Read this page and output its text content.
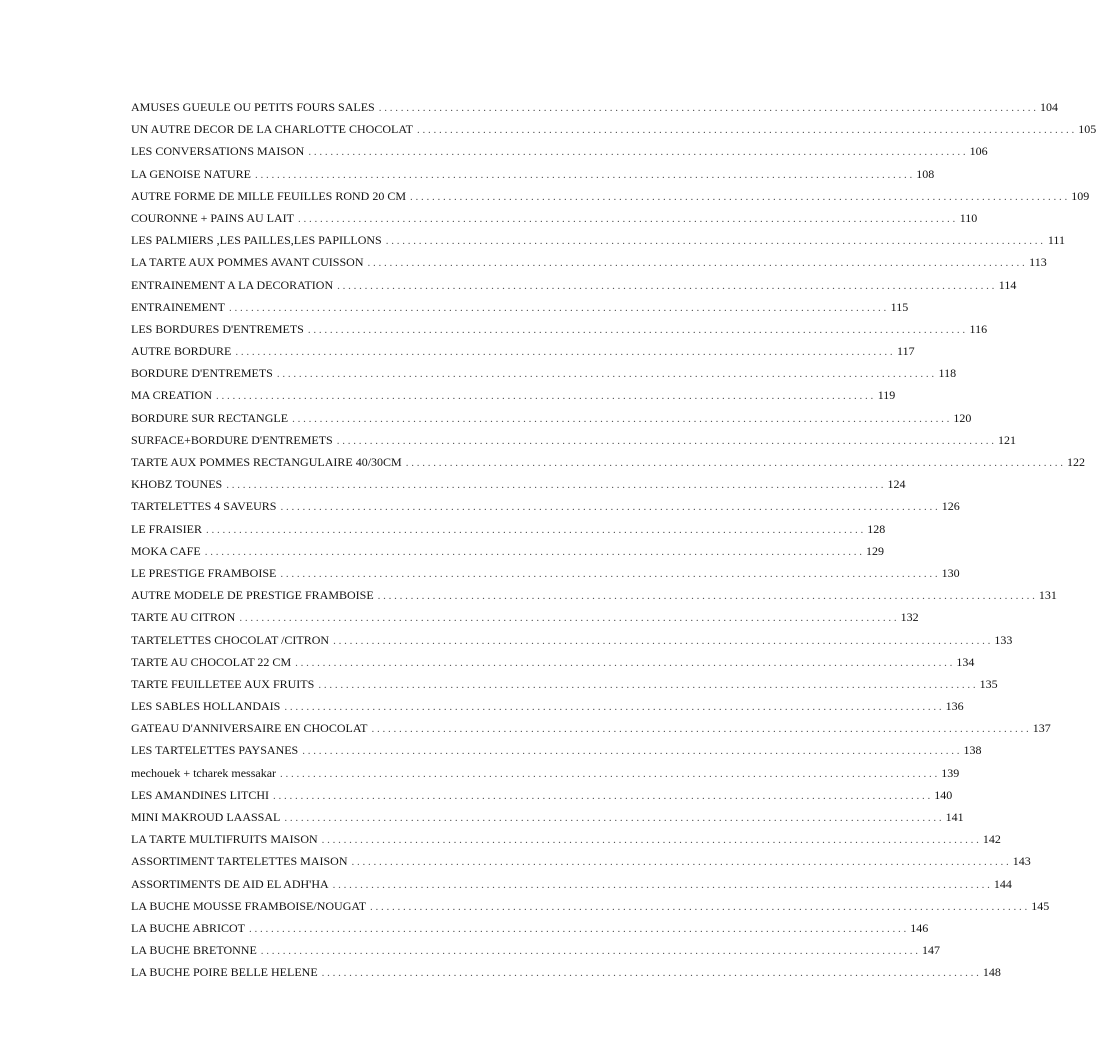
AMUSES GUEULE OU PETITS FOURS SALES . . . . . . . . . . . . . . . . . . . . . . . . . . . . . . . . . . . . . . . . . . . . . . . . . . . . . . . . . . . . . . . . . . . . . . . . . . . . . . . . . . . . . . . . . . . . . . . . . . . . . . . . . . . . . . . . . . . . . . . . 104
UN AUTRE DECOR DE LA CHARLOTTE CHOCOLAT . . . . . . . . . . . . . . . . . . . . . . . . . . . . . . . . . . . . . . . . . . . . . . . . . . . . . . . . . . . . . . . . . . . . . . . . . . . . . . . . . . . . . . . . . . . . . . . . . . . . . . . . . . . . . . . . . . . . . . . . 105
LES CONVERSATIONS MAISON . . . . . . . . . . . . . . . . . . . . . . . . . . . . . . . . . . . . . . . . . . . . . . . . . . . . . . . . . . . . . . . . . . . . . . . . . . . . . . . . . . . . . . . . . . . . . . . . . . . . . . . . . . . . . . . . . . . . . . . . 106
LA GENOISE NATURE . . . . . . . . . . . . . . . . . . . . . . . . . . . . . . . . . . . . . . . . . . . . . . . . . . . . . . . . . . . . . . . . . . . . . . . . . . . . . . . . . . . . . . . . . . . . . . . . . . . . . . . . . . . . . . . . . . . . . . . . 108
AUTRE FORME DE MILLE FEUILLES ROND 20 CM . . . . . . . . . . . . . . . . . . . . . . . . . . . . . . . . . . . . . . . . . . . . . . . . . . . . . . . . . . . . . . . . . . . . . . . . . . . . . . . . . . . . . . . . . . . . . . . . . . . . . . . . . . . . . . . . . . . . . . . . 109
COURONNE + PAINS AU LAIT . . . . . . . . . . . . . . . . . . . . . . . . . . . . . . . . . . . . . . . . . . . . . . . . . . . . . . . . . . . . . . . . . . . . . . . . . . . . . . . . . . . . . . . . . . . . . . . . . . . . . . . . . . . . . . . . . . . . . . . . 110
LES PALMIERS ,LES PAILLES,LES PAPILLONS . . . . . . . . . . . . . . . . . . . . . . . . . . . . . . . . . . . . . . . . . . . . . . . . . . . . . . . . . . . . . . . . . . . . . . . . . . . . . . . . . . . . . . . . . . . . . . . . . . . . . . . . . . . . . . . . . . . . . . . . 111
LA TARTE AUX POMMES AVANT CUISSON . . . . . . . . . . . . . . . . . . . . . . . . . . . . . . . . . . . . . . . . . . . . . . . . . . . . . . . . . . . . . . . . . . . . . . . . . . . . . . . . . . . . . . . . . . . . . . . . . . . . . . . . . . . . . . . . . . . . . . . . 113
ENTRAINEMENT A LA DECORATION . . . . . . . . . . . . . . . . . . . . . . . . . . . . . . . . . . . . . . . . . . . . . . . . . . . . . . . . . . . . . . . . . . . . . . . . . . . . . . . . . . . . . . . . . . . . . . . . . . . . . . . . . . . . . . . . . . . . . . . . 114
ENTRAINEMENT . . . . . . . . . . . . . . . . . . . . . . . . . . . . . . . . . . . . . . . . . . . . . . . . . . . . . . . . . . . . . . . . . . . . . . . . . . . . . . . . . . . . . . . . . . . . . . . . . . . . . . . . . . . . . . . . . . . . . . . . 115
LES BORDURES D'ENTREMETS . . . . . . . . . . . . . . . . . . . . . . . . . . . . . . . . . . . . . . . . . . . . . . . . . . . . . . . . . . . . . . . . . . . . . . . . . . . . . . . . . . . . . . . . . . . . . . . . . . . . . . . . . . . . . . . . . . . . . . . . 116
AUTRE BORDURE . . . . . . . . . . . . . . . . . . . . . . . . . . . . . . . . . . . . . . . . . . . . . . . . . . . . . . . . . . . . . . . . . . . . . . . . . . . . . . . . . . . . . . . . . . . . . . . . . . . . . . . . . . . . . . . . . . . . . . . . 117
BORDURE D'ENTREMETS . . . . . . . . . . . . . . . . . . . . . . . . . . . . . . . . . . . . . . . . . . . . . . . . . . . . . . . . . . . . . . . . . . . . . . . . . . . . . . . . . . . . . . . . . . . . . . . . . . . . . . . . . . . . . . . . . . . . . . . . 118
MA CREATION . . . . . . . . . . . . . . . . . . . . . . . . . . . . . . . . . . . . . . . . . . . . . . . . . . . . . . . . . . . . . . . . . . . . . . . . . . . . . . . . . . . . . . . . . . . . . . . . . . . . . . . . . . . . . . . . . . . . . . . . 119
BORDURE SUR RECTANGLE . . . . . . . . . . . . . . . . . . . . . . . . . . . . . . . . . . . . . . . . . . . . . . . . . . . . . . . . . . . . . . . . . . . . . . . . . . . . . . . . . . . . . . . . . . . . . . . . . . . . . . . . . . . . . . . . . . . . . . . . 120
SURFACE+BORDURE D'ENTREMETS . . . . . . . . . . . . . . . . . . . . . . . . . . . . . . . . . . . . . . . . . . . . . . . . . . . . . . . . . . . . . . . . . . . . . . . . . . . . . . . . . . . . . . . . . . . . . . . . . . . . . . . . . . . . . . . . . . . . . . . . 121
TARTE AUX POMMES RECTANGULAIRE 40/30CM . . . . . . . . . . . . . . . . . . . . . . . . . . . . . . . . . . . . . . . . . . . . . . . . . . . . . . . . . . . . . . . . . . . . . . . . . . . . . . . . . . . . . . . . . . . . . . . . . . . . . . . . . . . . . . . . . . . . . . . . 122
KHOBZ TOUNES . . . . . . . . . . . . . . . . . . . . . . . . . . . . . . . . . . . . . . . . . . . . . . . . . . . . . . . . . . . . . . . . . . . . . . . . . . . . . . . . . . . . . . . . . . . . . . . . . . . . . . . . . . . . . . . . . . . . . . . . 124
TARTELETTES 4 SAVEURS . . . . . . . . . . . . . . . . . . . . . . . . . . . . . . . . . . . . . . . . . . . . . . . . . . . . . . . . . . . . . . . . . . . . . . . . . . . . . . . . . . . . . . . . . . . . . . . . . . . . . . . . . . . . . . . . . . . . . . . . 126
LE FRAISIER . . . . . . . . . . . . . . . . . . . . . . . . . . . . . . . . . . . . . . . . . . . . . . . . . . . . . . . . . . . . . . . . . . . . . . . . . . . . . . . . . . . . . . . . . . . . . . . . . . . . . . . . . . . . . . . . . . . . . . . . 128
MOKA CAFE . . . . . . . . . . . . . . . . . . . . . . . . . . . . . . . . . . . . . . . . . . . . . . . . . . . . . . . . . . . . . . . . . . . . . . . . . . . . . . . . . . . . . . . . . . . . . . . . . . . . . . . . . . . . . . . . . . . . . . . . 129
LE PRESTIGE FRAMBOISE . . . . . . . . . . . . . . . . . . . . . . . . . . . . . . . . . . . . . . . . . . . . . . . . . . . . . . . . . . . . . . . . . . . . . . . . . . . . . . . . . . . . . . . . . . . . . . . . . . . . . . . . . . . . . . . . . . . . . . . . 130
AUTRE MODELE DE PRESTIGE FRAMBOISE . . . . . . . . . . . . . . . . . . . . . . . . . . . . . . . . . . . . . . . . . . . . . . . . . . . . . . . . . . . . . . . . . . . . . . . . . . . . . . . . . . . . . . . . . . . . . . . . . . . . . . . . . . . . . . . . . . . . . . . . 131
TARTE AU CITRON . . . . . . . . . . . . . . . . . . . . . . . . . . . . . . . . . . . . . . . . . . . . . . . . . . . . . . . . . . . . . . . . . . . . . . . . . . . . . . . . . . . . . . . . . . . . . . . . . . . . . . . . . . . . . . . . . . . . . . . . 132
TARTELETTES CHOCOLAT /CITRON . . . . . . . . . . . . . . . . . . . . . . . . . . . . . . . . . . . . . . . . . . . . . . . . . . . . . . . . . . . . . . . . . . . . . . . . . . . . . . . . . . . . . . . . . . . . . . . . . . . . . . . . . . . . . . . . . . . . . . . . 133
TARTE AU CHOCOLAT 22 CM . . . . . . . . . . . . . . . . . . . . . . . . . . . . . . . . . . . . . . . . . . . . . . . . . . . . . . . . . . . . . . . . . . . . . . . . . . . . . . . . . . . . . . . . . . . . . . . . . . . . . . . . . . . . . . . . . . . . . . . . 134
TARTE FEUILLETEE AUX FRUITS . . . . . . . . . . . . . . . . . . . . . . . . . . . . . . . . . . . . . . . . . . . . . . . . . . . . . . . . . . . . . . . . . . . . . . . . . . . . . . . . . . . . . . . . . . . . . . . . . . . . . . . . . . . . . . . . . . . . . . . . 135
LES SABLES HOLLANDAIS . . . . . . . . . . . . . . . . . . . . . . . . . . . . . . . . . . . . . . . . . . . . . . . . . . . . . . . . . . . . . . . . . . . . . . . . . . . . . . . . . . . . . . . . . . . . . . . . . . . . . . . . . . . . . . . . . . . . . . . . 136
GATEAU D'ANNIVERSAIRE EN CHOCOLAT . . . . . . . . . . . . . . . . . . . . . . . . . . . . . . . . . . . . . . . . . . . . . . . . . . . . . . . . . . . . . . . . . . . . . . . . . . . . . . . . . . . . . . . . . . . . . . . . . . . . . . . . . . . . . . . . . . . . . . . . 137
LES TARTELETTES PAYSANES . . . . . . . . . . . . . . . . . . . . . . . . . . . . . . . . . . . . . . . . . . . . . . . . . . . . . . . . . . . . . . . . . . . . . . . . . . . . . . . . . . . . . . . . . . . . . . . . . . . . . . . . . . . . . . . . . . . . . . . . 138
mechouek + tcharek messakar . . . . . . . . . . . . . . . . . . . . . . . . . . . . . . . . . . . . . . . . . . . . . . . . . . . . . . . . . . . . . . . . . . . . . . . . . . . . . . . . . . . . . . . . . . . . . . . . . . . . . . . . . . . . . . . . . . . . . . . . 139
LES AMANDINES LITCHI . . . . . . . . . . . . . . . . . . . . . . . . . . . . . . . . . . . . . . . . . . . . . . . . . . . . . . . . . . . . . . . . . . . . . . . . . . . . . . . . . . . . . . . . . . . . . . . . . . . . . . . . . . . . . . . . . . . . . . . . 140
MINI MAKROUD LAASSAL . . . . . . . . . . . . . . . . . . . . . . . . . . . . . . . . . . . . . . . . . . . . . . . . . . . . . . . . . . . . . . . . . . . . . . . . . . . . . . . . . . . . . . . . . . . . . . . . . . . . . . . . . . . . . . . . . . . . . . . . 141
LA TARTE MULTIFRUITS MAISON . . . . . . . . . . . . . . . . . . . . . . . . . . . . . . . . . . . . . . . . . . . . . . . . . . . . . . . . . . . . . . . . . . . . . . . . . . . . . . . . . . . . . . . . . . . . . . . . . . . . . . . . . . . . . . . . . . . . . . . . 142
ASSORTIMENT TARTELETTES MAISON . . . . . . . . . . . . . . . . . . . . . . . . . . . . . . . . . . . . . . . . . . . . . . . . . . . . . . . . . . . . . . . . . . . . . . . . . . . . . . . . . . . . . . . . . . . . . . . . . . . . . . . . . . . . . . . . . . . . . . . . 143
ASSORTIMENTS DE AID EL ADH'HA . . . . . . . . . . . . . . . . . . . . . . . . . . . . . . . . . . . . . . . . . . . . . . . . . . . . . . . . . . . . . . . . . . . . . . . . . . . . . . . . . . . . . . . . . . . . . . . . . . . . . . . . . . . . . . . . . . . . . . . . 144
LA BUCHE MOUSSE FRAMBOISE/NOUGAT . . . . . . . . . . . . . . . . . . . . . . . . . . . . . . . . . . . . . . . . . . . . . . . . . . . . . . . . . . . . . . . . . . . . . . . . . . . . . . . . . . . . . . . . . . . . . . . . . . . . . . . . . . . . . . . . . . . . . . . . 145
LA BUCHE ABRICOT . . . . . . . . . . . . . . . . . . . . . . . . . . . . . . . . . . . . . . . . . . . . . . . . . . . . . . . . . . . . . . . . . . . . . . . . . . . . . . . . . . . . . . . . . . . . . . . . . . . . . . . . . . . . . . . . . . . . . . . . 146
LA BUCHE BRETONNE . . . . . . . . . . . . . . . . . . . . . . . . . . . . . . . . . . . . . . . . . . . . . . . . . . . . . . . . . . . . . . . . . . . . . . . . . . . . . . . . . . . . . . . . . . . . . . . . . . . . . . . . . . . . . . . . . . . . . . . . 147
LA BUCHE POIRE BELLE HELENE . . . . . . . . . . . . . . . . . . . . . . . . . . . . . . . . . . . . . . . . . . . . . . . . . . . . . . . . . . . . . . . . . . . . . . . . . . . . . . . . . . . . . . . . . . . . . . . . . . . . . . . . . . . . . . . . . . . . . . . . 148
